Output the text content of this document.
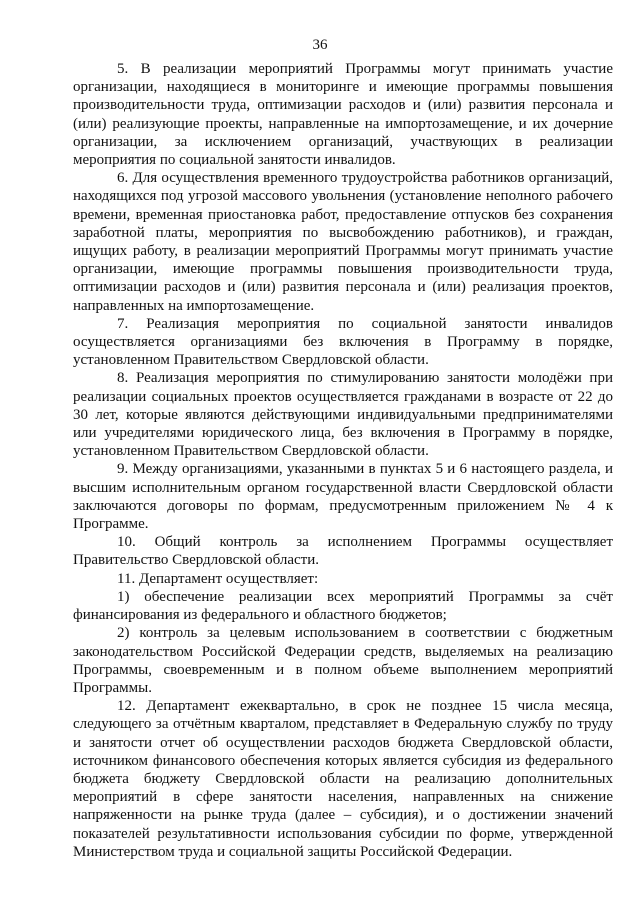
36

5. В реализации мероприятий Программы могут принимать участие организации, находящиеся в мониторинге и имеющие программы повышения производительности труда, оптимизации расходов и (или) развития персонала и (или) реализующие проекты, направленные на импортозамещение, и их дочерние организации, за исключением организаций, участвующих в реализации мероприятия по социальной занятости инвалидов.

6. Для осуществления временного трудоустройства работников организаций, находящихся под угрозой массового увольнения (установление неполного рабочего времени, временная приостановка работ, предоставление отпусков без сохранения заработной платы, мероприятия по высвобождению работников), и граждан, ищущих работу, в реализации мероприятий Программы могут принимать участие организации, имеющие программы повышения производительности труда, оптимизации расходов и (или) развития персонала и (или) реализация проектов, направленных на импортозамещение.

7. Реализация мероприятия по социальной занятости инвалидов осуществляется организациями без включения в Программу в порядке, установленном Правительством Свердловской области.

8. Реализация мероприятия по стимулированию занятости молодёжи при реализации социальных проектов осуществляется гражданами в возрасте от 22 до 30 лет, которые являются действующими индивидуальными предпринимателями или учредителями юридического лица, без включения в Программу в порядке, установленном Правительством Свердловской области.

9. Между организациями, указанными в пунктах 5 и 6 настоящего раздела, и высшим исполнительным органом государственной власти Свердловской области заключаются договоры по формам, предусмотренным приложением № 4 к Программе.

10. Общий контроль за исполнением Программы осуществляет Правительство Свердловской области.

11. Департамент осуществляет:

1) обеспечение реализации всех мероприятий Программы за счёт финансирования из федерального и областного бюджетов;

2) контроль за целевым использованием в соответствии с бюджетным законодательством Российской Федерации средств, выделяемых на реализацию Программы, своевременным и в полном объеме выполнением мероприятий Программы.

12. Департамент ежеквартально, в срок не позднее 15 числа месяца, следующего за отчётным кварталом, представляет в Федеральную службу по труду и занятости отчет об осуществлении расходов бюджета Свердловской области, источником финансового обеспечения которых является субсидия из федерального бюджета бюджету Свердловской области на реализацию дополнительных мероприятий в сфере занятости населения, направленных на снижение напряженности на рынке труда (далее – субсидия), и о достижении значений показателей результативности использования субсидии по форме, утвержденной Министерством труда и социальной защиты Российской Федерации.
